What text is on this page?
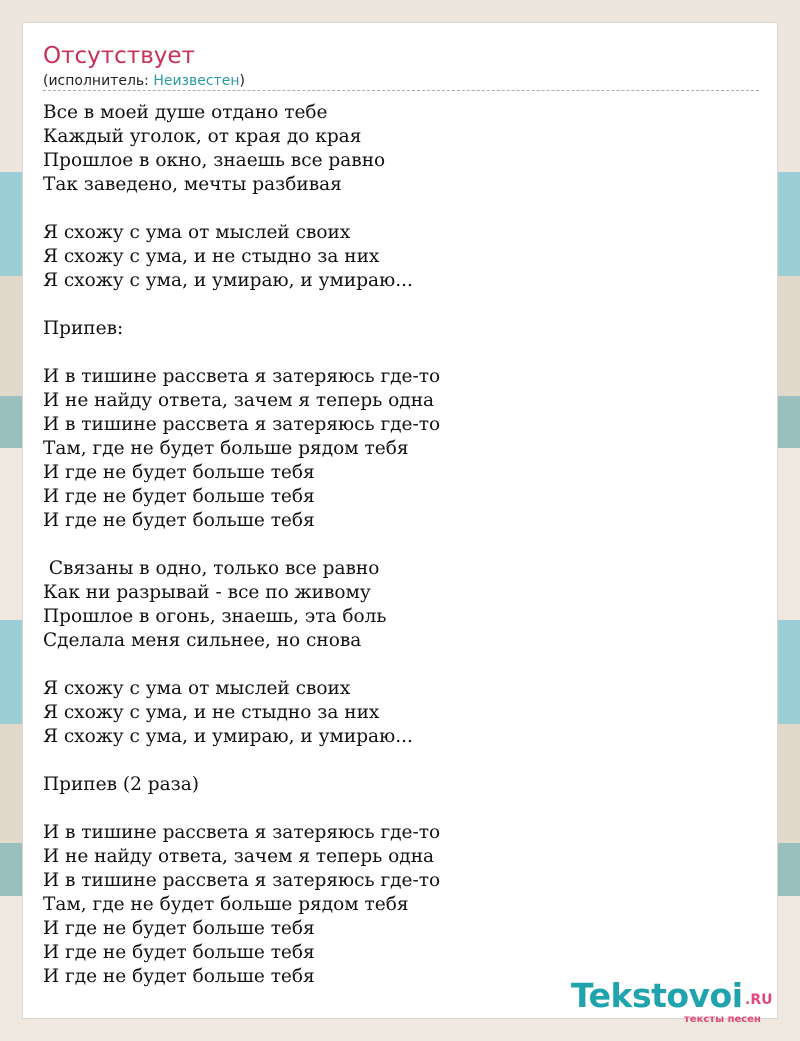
Отсутствует
(исполнитель: Неизвестен)
Все в моей душе отдано тебе
Каждый уголок, от края до края
Прошлое в окно, знаешь все равно
Так заведено, мечты разбивая
Я схожу с ума от мыслей своих
Я схожу с ума, и не стыдно за них
Я схожу с ума, и умираю, и умираю...
Припев:
И в тишине рассвета я затеряюсь где-то
И не найду ответа, зачем я теперь одна
И в тишине рассвета я затеряюсь где-то
Там, где не будет больше рядом тебя
И где не будет больше тебя
И где не будет больше тебя
И где не будет больше тебя
Связаны в одно, только все равно
Как ни разрывай - все по живому
Прошлое в огонь, знаешь, эта боль
Сделала меня сильнее, но снова
Я схожу с ума от мыслей своих
Я схожу с ума, и не стыдно за них
Я схожу с ума, и умираю, и умираю...
Припев (2 раза)
И в тишине рассвета я затеряюсь где-то
И не найду ответа, зачем я теперь одна
И в тишине рассвета я затеряюсь где-то
Там, где не будет больше рядом тебя
И где не будет больше тебя
И где не будет больше тебя
И где не будет больше тебя	Tekstovoi .RU
тексты песен
